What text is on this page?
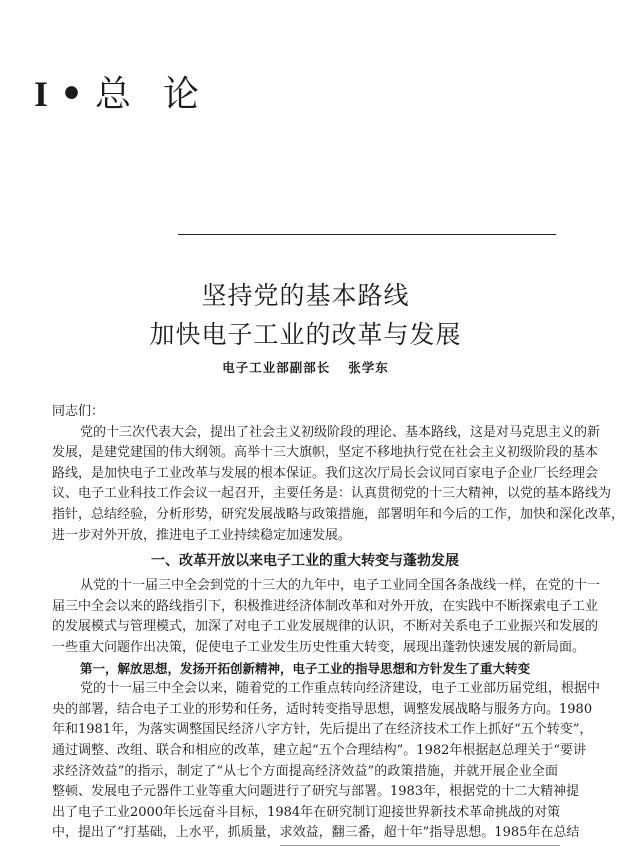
I • 总 论
坚持党的基本路线
加快电子工业的改革与发展
电子工业部副部长 张学东
同志们：
党的十三次代表大会，提出了社会主义初级阶段的理论、基本路线，这是对马克思主义的新
发展，是建党建国的伟大纲领。高举十三大旗帜，坚定不移地执行党在社会主义初级阶段的基本
路线，是加快电子工业改革与发展的根本保证。我们这次厅局长会议同百家电子企业厂长经理会
议、电子工业科技工作会议一起召开，主要任务是：认真贯彻党的十三大精神，以党的基本路线为
指针，总结经验，分析形势，研究发展战略与政策措施，部署明年和今后的工作，加快和深化改革，
进一步对外开放，推进电子工业持续稳定加速发展。
一、改革开放以来电子工业的重大转变与蓬勃发展
从党的十一届三中全会到党的十三大的九年中，电子工业同全国各条战线一样，在党的十一
届三中全会以来的路线指引下，积极推进经济体制改革和对外开放，在实践中不断探索电子工业
的发展模式与管理模式，加深了对电子工业发展规律的认识，不断对关系电子工业振兴和发展的
一些重大问题作出决策，促使电子工业发生历史性重大转变，展现出蓬勃快速发展的新局面。
第一，解放思想，发扬开拓创新精神，电子工业的指导思想和方针发生了重大转变
党的十一届三中全会以来，随着党的工作重点转向经济建设，电子工业部历届党组，根据中
央的部署，结合电子工业的形势和任务，适时转变指导思想，调整发展战略与服务方向。1980
年和1981年，为落实调整国民经济八字方针，先后提出了在经济技术工作上抓好“五个转变”，
通过调整、改组、联合和相应的改革，建立起“五个合理结构”。1982年根据赵总理关于“要讲
求经济效益”的指示，制定了“从七个方面提高经济效益”的政策措施，并就开展企业全面
整顿、发展电子元器件工业等重大问题进行了研究与部署。1983年，根据党的十二大精神提
出了电子工业2000年长远奋斗目标，1984年在研究制订迎接世界新技术革命挑战的对策
中，提出了“打基础，上水平，抓质量，求效益，翻三番，超十年”指导思想。1985年在总结
